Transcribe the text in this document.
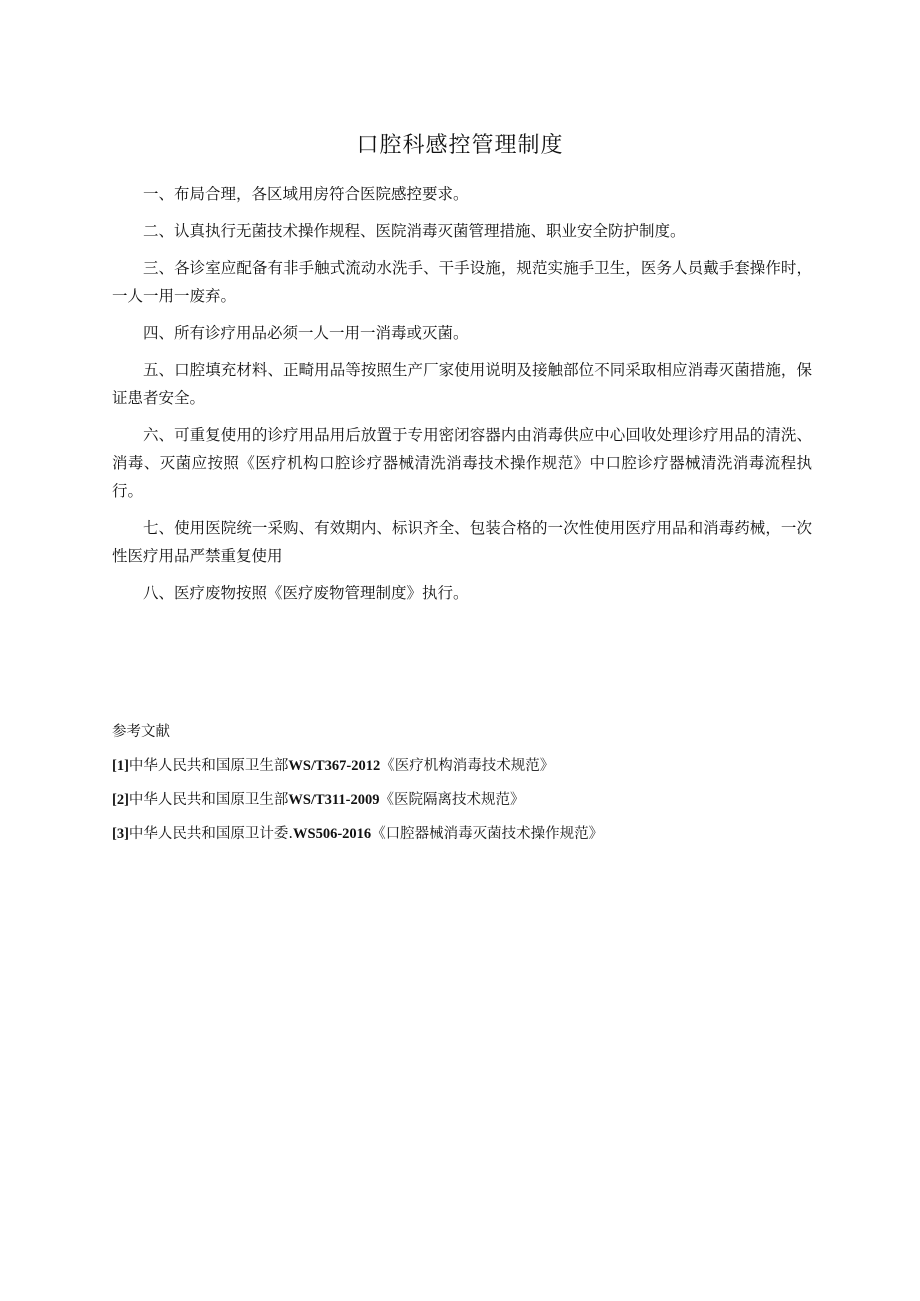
口腔科感控管理制度

一、布局合理，各区域用房符合医院感控要求。

二、认真执行无菌技术操作规程、医院消毒灭菌管理措施、职业安全防护制度。

三、各诊室应配备有非手触式流动水洗手、干手设施，规范实施手卫生，医务人员戴手套操作时，一人一用一废弃。

四、所有诊疗用品必须一人一用一消毒或灭菌。

五、口腔填充材料、正畸用品等按照生产厂家使用说明及接触部位不同采取相应消毒灭菌措施，保证患者安全。

六、可重复使用的诊疗用品用后放置于专用密闭容器内由消毒供应中心回收处理诊疗用品的清洗、消毒、灭菌应按照《医疗机构口腔诊疗器械清洗消毒技术操作规范》中口腔诊疗器械清洗消毒流程执行。

七、使用医院统一采购、有效期内、标识齐全、包装合格的一次性使用医疗用品和消毒药械，一次性医疗用品严禁重复使用

八、医疗废物按照《医疗废物管理制度》执行。

参考文献
[1]中华人民共和国原卫生部WS/T367-2012《医疗机构消毒技术规范》
[2]中华人民共和国原卫生部WS/T311-2009《医院隔离技术规范》
[3]中华人民共和国原卫计委.WS506-2016《口腔器械消毒灭菌技术操作规范》
